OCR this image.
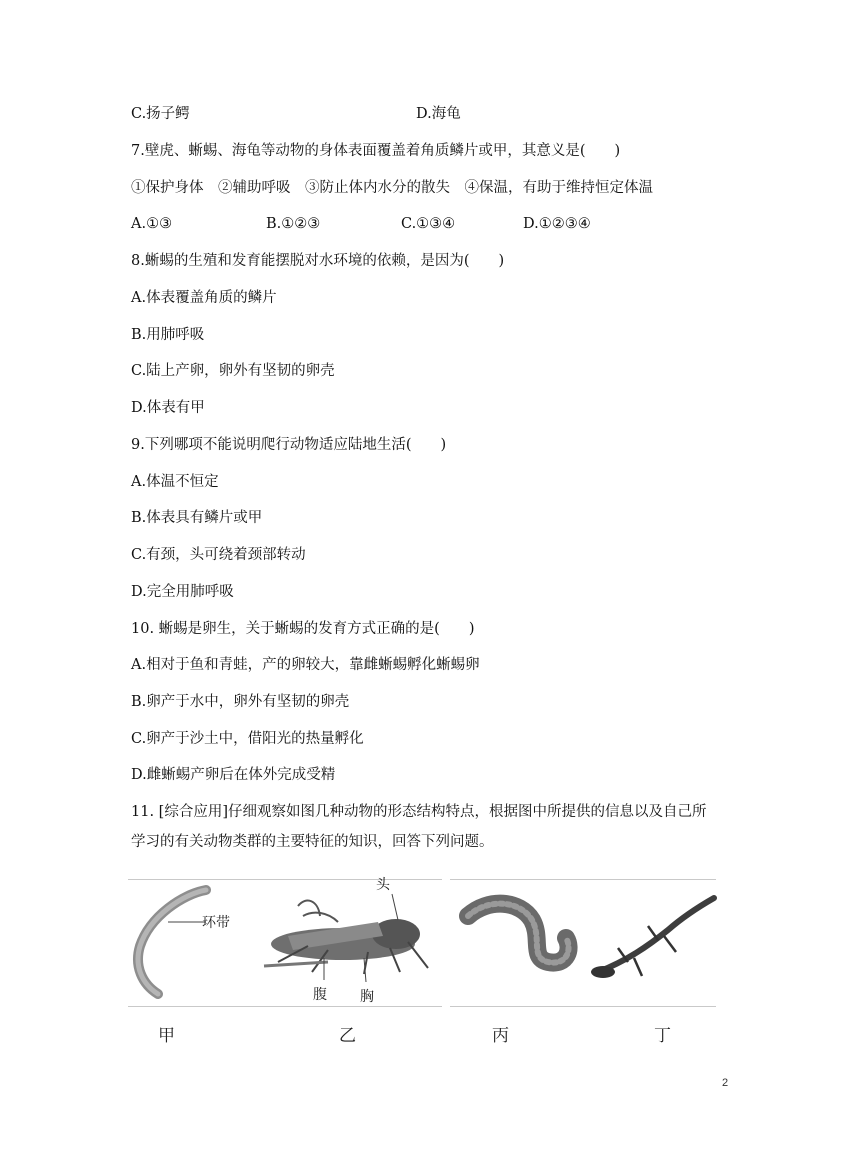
C.扬子鳄	D.海龟
7.壁虎、蜥蜴、海龟等动物的身体表面覆盖着角质鳞片或甲，其意义是(　　)
①保护身体　②辅助呼吸　③防止体内水分的散失　④保温，有助于维持恒定体温
A.①③	B.①②③	C.①③④	D.①②③④
8.蜥蜴的生殖和发育能摆脱对水环境的依赖，是因为(　　)
A.体表覆盖角质的鳞片
B.用肺呼吸
C.陆上产卵，卵外有坚韧的卵壳
D.体表有甲
9.下列哪项不能说明爬行动物适应陆地生活(　　)
A.体温不恒定
B.体表具有鳞片或甲
C.有颈，头可绕着颈部转动
D.完全用肺呼吸
10. 蜥蜴是卵生，关于蜥蜴的发育方式正确的是(　　)
A.相对于鱼和青蛙，产的卵较大，靠雌蜥蜴孵化蜥蜴卵
B.卵产于水中，卵外有坚韧的卵壳
C.卵产于沙土中，借阳光的热量孵化
D.雌蜥蜴产卵后在体外完成受精
11. [综合应用]仔细观察如图几种动物的形态结构特点，根据图中所提供的信息以及自己所
学习的有关动物类群的主要特征的知识，回答下列问题。
环带
头
腹 胸
甲	乙	丙	丁
2
